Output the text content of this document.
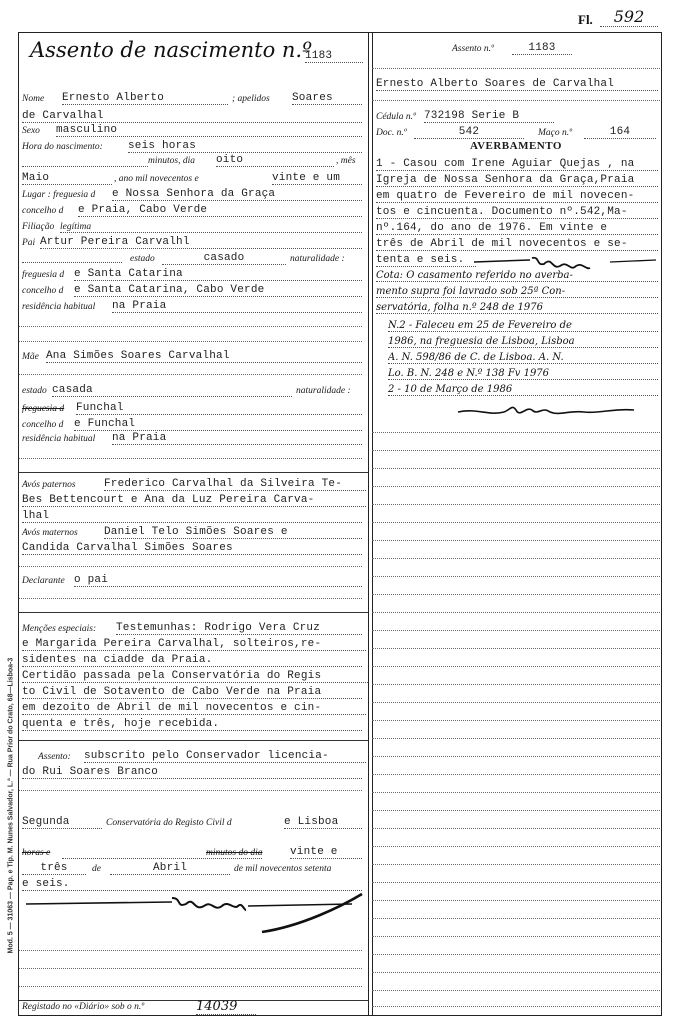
Fl.	592
Mod. 5 — 31063 — Pap. e Tip. M. Nunes Salvador, L.ª — Rua Prior do Crato, 68—Lisboa-3
Assento de nascimento n.º
1183
Nome Ernesto Alberto	; apelidos Soares
de Carvalhal
Sexo masculino
Hora do nascimento: seis horas
minutos, dia oito	, mês
Maio	, ano mil novecentos e	vinte e um
Lugar : freguesia d e Nossa Senhora da Graça
concelho d e Praia, Cabo Verde
Filiação legítima
Pai Artur Pereira Carvalhl
estado	casado	naturalidade :
freguesia d e Santa Catarina
concelho d e Santa Catarina, Cabo Verde
residência habitual na Praia
Mãe Ana Simões Soares Carvalhal
estado casada	naturalidade :
freguesia d Funchal
concelho d e Funchal
residência habitual na Praia
Avós paternos	Frederico Carvalhal da Silveira Te-
Bes Bettencourt e Ana da Luz Pereira Carva-
lhal
Avós maternos Daniel Telo Simões Soares e
Candida Carvalhal Simões Soares
Declarante o pai
Menções especiais: Testemunhas: Rodrigo Vera Cruz
e Margarida Pereira Carvalhal, solteiros,re-
sidentes na ciadde da Praia.
Certidão passada pela Conservatória do Regis
to Civil de Sotavento de Cabo Verde na Praia
em dezoito de Abril de mil novecentos e cin-
quenta e três, hoje recebida.
Assento: subscrito pelo Conservador licencia-
do Rui Soares Branco
Segunda	Conservatória do Registo Civil d	e Lisboa
horas e	minutos do dia	vinte e
três	de	Abril	de mil novecentos setenta
e seis.
Registado no «Diário» sob o n.º	14039
Assento n.º	1183
Ernesto Alberto Soares de Carvalhal
Cédula n.º 732198 Serie B
Doc. n.º	542	Maço n.º	164
AVERBAMENTO
1 - Casou com Irene Aguiar Quejas , na
Igreja de Nossa Senhora da Graça,Praia
em quatro de Fevereiro de mil novecen-
tos e cincuenta. Documento nº.542,Ma-
nº.164, do ano de 1976. Em vinte e
três de Abril de mil novecentos e se-
tenta e seis.
Cota: O casamento referido no averba-
mento supra foi lavrado sob 25ª Con-
servatória, folha n.º 248 de 1976
N.2 - Faleceu em 25 de Fevereiro de
1986, na freguesia de Lisboa, Lisboa
A. N. 598/86 de C. de Lisboa. A. N.
Lo. B. N. 248 e N.º 138 Fv 1976
2 - 10 de Março de 1986
